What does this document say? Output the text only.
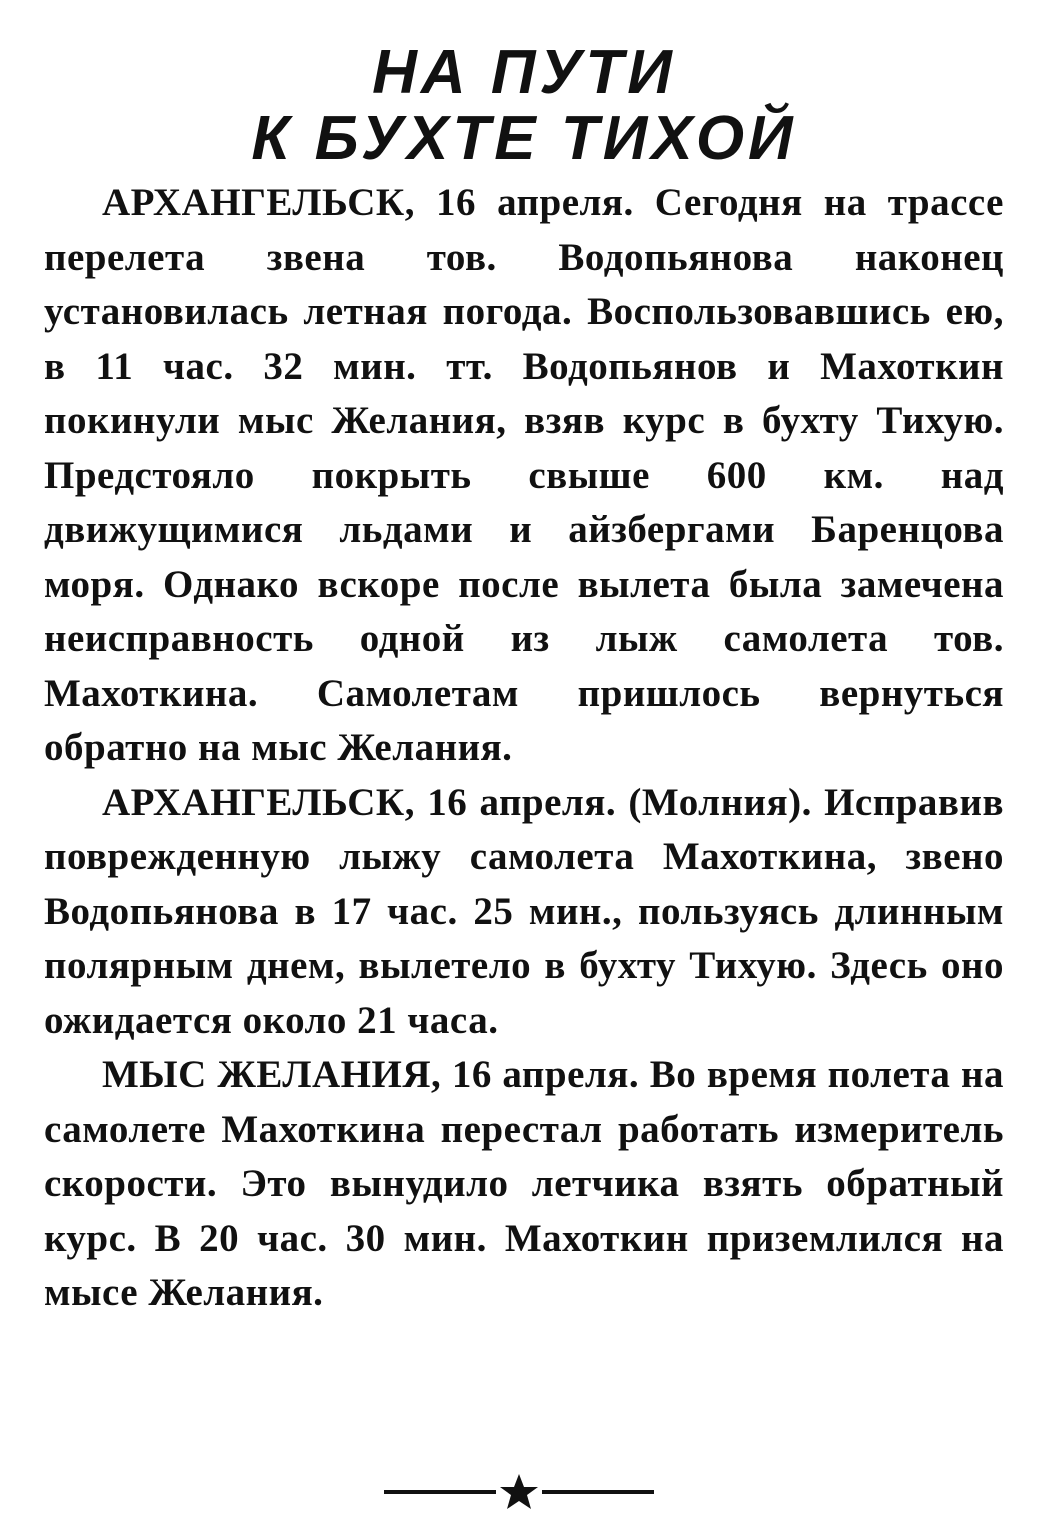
НА ПУТИ
К БУХТЕ ТИХОЙ

АРХАНГЕЛЬСК, 16 апреля. Сегодня на трассе перелета звена тов. Водопьянова наконец установилась летная погода. Воспользовавшись ею, в 11 час. 32 мин. тт. Водопьянов и Махоткин покинули мыс Желания, взяв курс в бухту Тихую. Предстояло покрыть свыше 600 км. над движущимися льдами и айзбергами Баренцова моря. Однако вскоре после вылета была замечена неисправность одной из лыж самолета тов. Махоткина. Самолетам пришлось вернуться обратно на мыс Желания.

АРХАНГЕЛЬСК, 16 апреля. (Молния). Исправив поврежденную лыжу самолета Махоткина, звено Водопьянова в 17 час. 25 мин., пользуясь длинным полярным днем, вылетело в бухту Тихую. Здесь оно ожидается около 21 часа.

МЫС ЖЕЛАНИЯ, 16 апреля. Во время полета на самолете Махоткина перестал работать измеритель скорости. Это вынудило летчика взять обратный курс. В 20 час. 30 мин. Махоткин приземлился на мысе Желания.
